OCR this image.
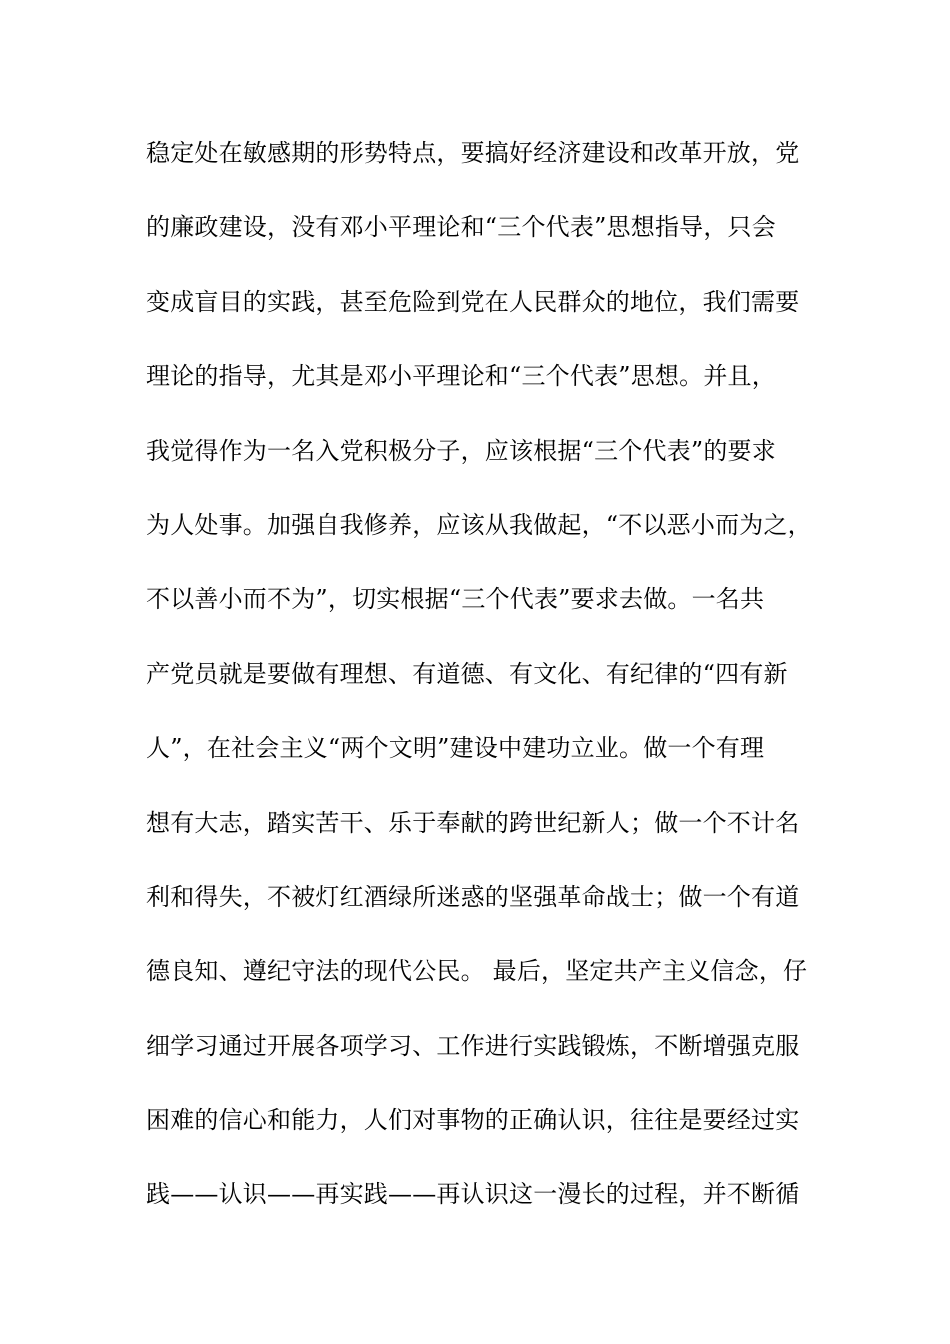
稳定处在敏感期的形势特点，要搞好经济建设和改革开放，党
的廉政建设，没有邓小平理论和“三个代表”思想指导，只会
变成盲目的实践，甚至危险到党在人民群众的地位，我们需要
理论的指导，尤其是邓小平理论和“三个代表”思想。并且，
我觉得作为一名入党积极分子，应该根据“三个代表”的要求
为人处事。加强自我修养，应该从我做起，“不以恶小而为之，
不以善小而不为”，切实根据“三个代表”要求去做。一名共
产党员就是要做有理想、有道德、有文化、有纪律的“四有新
人”，在社会主义“两个文明”建设中建功立业。做一个有理
想有大志，踏实苦干、乐于奉献的跨世纪新人；做一个不计名
利和得失，不被灯红酒绿所迷惑的坚强革命战士；做一个有道
德良知、遵纪守法的现代公民。 最后，坚定共产主义信念，仔
细学习通过开展各项学习、工作进行实践锻炼，不断增强克服
困难的信心和能力，人们对事物的正确认识，往往是要经过实
践——认识——再实践——再认识这一漫长的过程，并不断循
